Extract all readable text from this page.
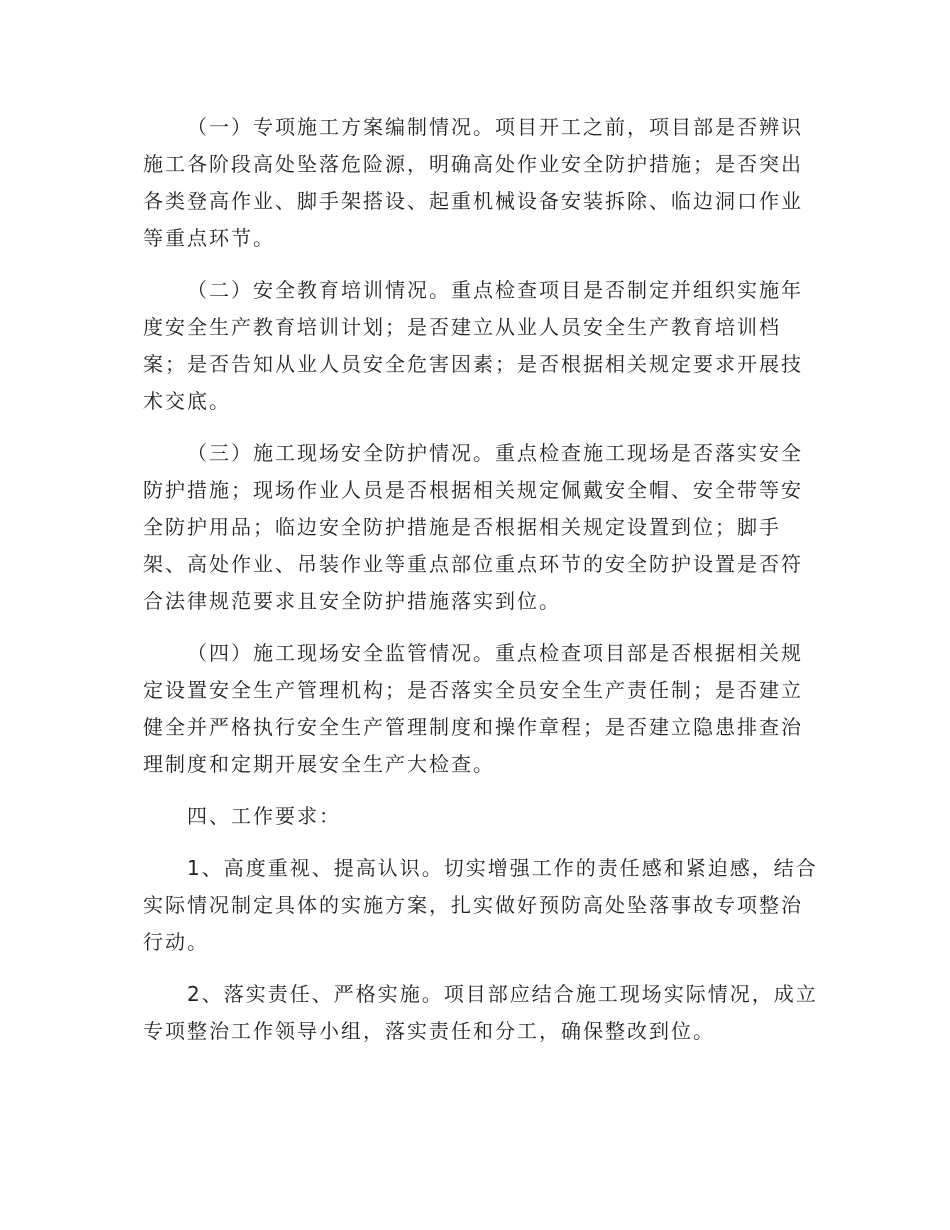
（一）专项施工方案编制情况。项目开工之前，项目部是否辨识
施工各阶段高处坠落危险源，明确高处作业安全防护措施；是否突出
各类登高作业、脚手架搭设、起重机械设备安装拆除、临边洞口作业
等重点环节。
（二）安全教育培训情况。重点检查项目是否制定并组织实施年
度安全生产教育培训计划；是否建立从业人员安全生产教育培训档
案；是否告知从业人员安全危害因素；是否根据相关规定要求开展技
术交底。
（三）施工现场安全防护情况。重点检查施工现场是否落实安全
防护措施；现场作业人员是否根据相关规定佩戴安全帽、安全带等安
全防护用品；临边安全防护措施是否根据相关规定设置到位；脚手
架、高处作业、吊装作业等重点部位重点环节的安全防护设置是否符
合法律规范要求且安全防护措施落实到位。
（四）施工现场安全监管情况。重点检查项目部是否根据相关规
定设置安全生产管理机构；是否落实全员安全生产责任制；是否建立
健全并严格执行安全生产管理制度和操作章程；是否建立隐患排查治
理制度和定期开展安全生产大检查。
四、工作要求：
1、高度重视、提高认识。切实增强工作的责任感和紧迫感，结合
实际情况制定具体的实施方案，扎实做好预防高处坠落事故专项整治
行动。
2、落实责任、严格实施。项目部应结合施工现场实际情况，成立
专项整治工作领导小组，落实责任和分工，确保整改到位。
